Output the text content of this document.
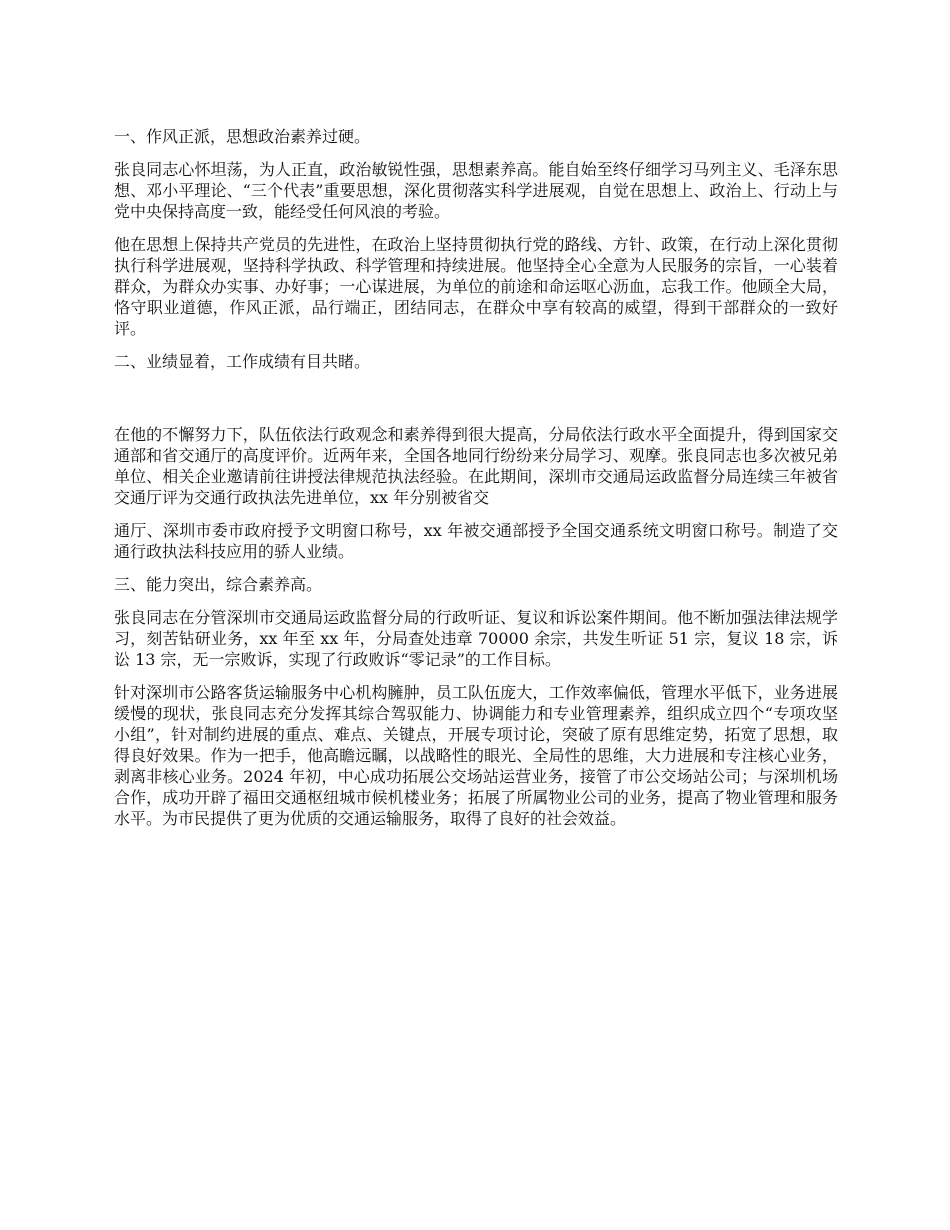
一、作风正派，思想政治素养过硬。

张良同志心怀坦荡，为人正直，政治敏锐性强，思想素养高。能自始至终仔细学习马列主义、毛泽东思想、邓小平理论、“三个代表”重要思想，深化贯彻落实科学进展观，自觉在思想上、政治上、行动上与党中央保持高度一致，能经受任何风浪的考验。

他在思想上保持共产党员的先进性，在政治上坚持贯彻执行党的路线、方针、政策，在行动上深化贯彻执行科学进展观，坚持科学执政、科学管理和持续进展。他坚持全心全意为人民服务的宗旨，一心装着群众，为群众办实事、办好事；一心谋进展，为单位的前途和命运呕心沥血，忘我工作。他顾全大局，恪守职业道德，作风正派，品行端正，团结同志，在群众中享有较高的威望，得到干部群众的一致好评。

二、业绩显着，工作成绩有目共睹。

在他的不懈努力下，队伍依法行政观念和素养得到很大提高，分局依法行政水平全面提升，得到国家交通部和省交通厅的高度评价。近两年来，全国各地同行纷纷来分局学习、观摩。张良同志也多次被兄弟单位、相关企业邀请前往讲授法律规范执法经验。在此期间，深圳市交通局运政监督分局连续三年被省交通厅评为交通行政执法先进单位，xx 年分别被省交

通厅、深圳市委市政府授予文明窗口称号，xx 年被交通部授予全国交通系统文明窗口称号。制造了交通行政执法科技应用的骄人业绩。

三、能力突出，综合素养高。

张良同志在分管深圳市交通局运政监督分局的行政听证、复议和诉讼案件期间。他不断加强法律法规学习，刻苦钻研业务，xx 年至 xx 年，分局查处违章 70000 余宗，共发生听证 51 宗，复议 18 宗，诉讼 13 宗，无一宗败诉，实现了行政败诉“零记录”的工作目标。

针对深圳市公路客货运输服务中心机构臃肿，员工队伍庞大，工作效率偏低，管理水平低下，业务进展缓慢的现状，张良同志充分发挥其综合驾驭能力、协调能力和专业管理素养，组织成立四个“专项攻坚小组”，针对制约进展的重点、难点、关键点，开展专项讨论，突破了原有思维定势，拓宽了思想，取得良好效果。作为一把手，他高瞻远瞩，以战略性的眼光、全局性的思维，大力进展和专注核心业务，剥离非核心业务。2024 年初，中心成功拓展公交场站运营业务，接管了市公交场站公司；与深圳机场合作，成功开辟了福田交通枢纽城市候机楼业务；拓展了所属物业公司的业务，提高了物业管理和服务水平。为市民提供了更为优质的交通运输服务，取得了良好的社会效益。
